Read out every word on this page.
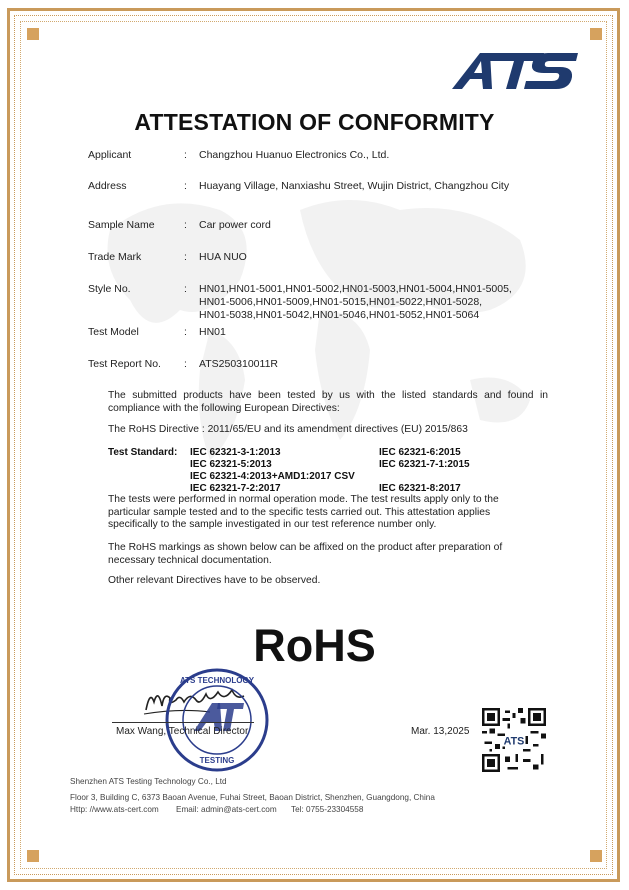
ATTESTATION OF CONFORMITY
Applicant	: Changzhou Huanuo Electronics Co., Ltd.
Address	: Huayang Village, Nanxiashu Street, Wujin District, Changzhou City
Sample Name	: Car power cord
Trade Mark	: HUA NUO
Style No.	: HN01,HN01-5001,HN01-5002,HN01-5003,HN01-5004,HN01-5005,
HN01-5006,HN01-5009,HN01-5015,HN01-5022,HN01-5028,
HN01-5038,HN01-5042,HN01-5046,HN01-5052,HN01-5064
Test Model	: HN01
Test Report No.	: ATS250310011R
The submitted products have been tested by us with the listed standards and found in compliance with the following European Directives:
The RoHS Directive : 2011/65/EU and its amendment directives (EU) 2015/863
Test Standard: IEC 62321-3-1:2013	IEC 62321-6:2015
IEC 62321-5:2013	IEC 62321-7-1:2015
IEC 62321-4:2013+AMD1:2017 CSV
IEC 62321-7-2:2017	IEC 62321-8:2017
The tests were performed in normal operation mode. The test results apply only to the particular sample tested and to the specific tests carried out. This attestation applies specifically to the sample investigated in our test reference number only.
The RoHS markings as shown below can be affixed on the product after preparation of necessary technical documentation.
Other relevant Directives have to be observed.
RoHS
ATS TECHNOLOGY
TESTING
Max Wang, Technical Director	Mar. 13,2025
ATS
Shenzhen ATS Testing Technology Co., Ltd
Floor 3, Building C, 6373 Baoan Avenue, Fuhai Street, Baoan District, Shenzhen, Guangdong, China
Http: //www.ats-cert.com Email: admin@ats-cert.com Tel: 0755-23304558
